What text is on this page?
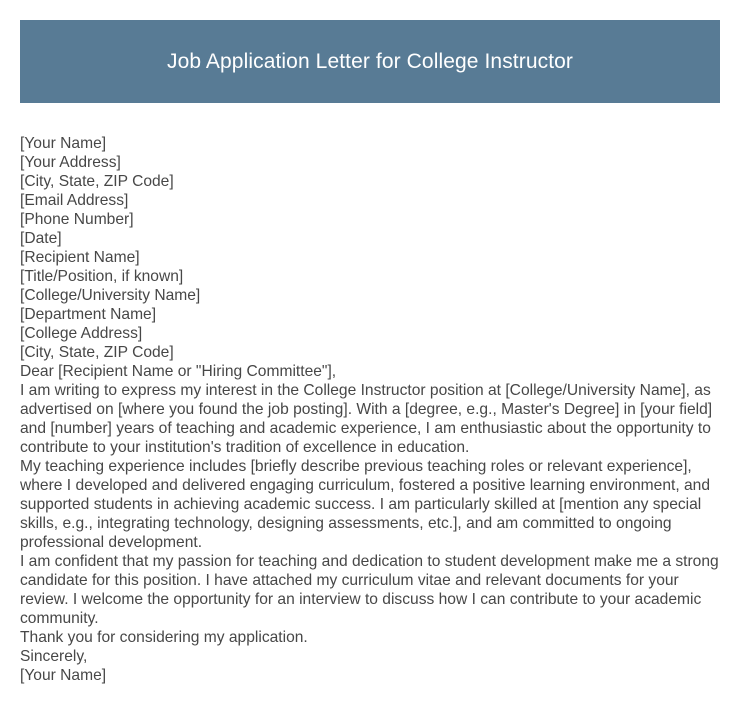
Job Application Letter for College Instructor

[Your Name]

[Your Address]

[City, State, ZIP Code]

[Email Address]

[Phone Number]

[Date]

[Recipient Name]

[Title/Position, if known]

[College/University Name]

[Department Name]

[College Address]

[City, State, ZIP Code]

Dear [Recipient Name or "Hiring Committee"],

I am writing to express my interest in the College Instructor position at [College/University Name], as advertised on [where you found the job posting]. With a [degree, e.g., Master's Degree] in [your field] and [number] years of teaching and academic experience, I am enthusiastic about the opportunity to contribute to your institution's tradition of excellence in education.

My teaching experience includes [briefly describe previous teaching roles or relevant experience], where I developed and delivered engaging curriculum, fostered a positive learning environment, and supported students in achieving academic success. I am particularly skilled at [mention any special skills, e.g., integrating technology, designing assessments, etc.], and am committed to ongoing professional development.

I am confident that my passion for teaching and dedication to student development make me a strong candidate for this position. I have attached my curriculum vitae and relevant documents for your review. I welcome the opportunity for an interview to discuss how I can contribute to your academic community.

Thank you for considering my application.

Sincerely,

[Your Name]
